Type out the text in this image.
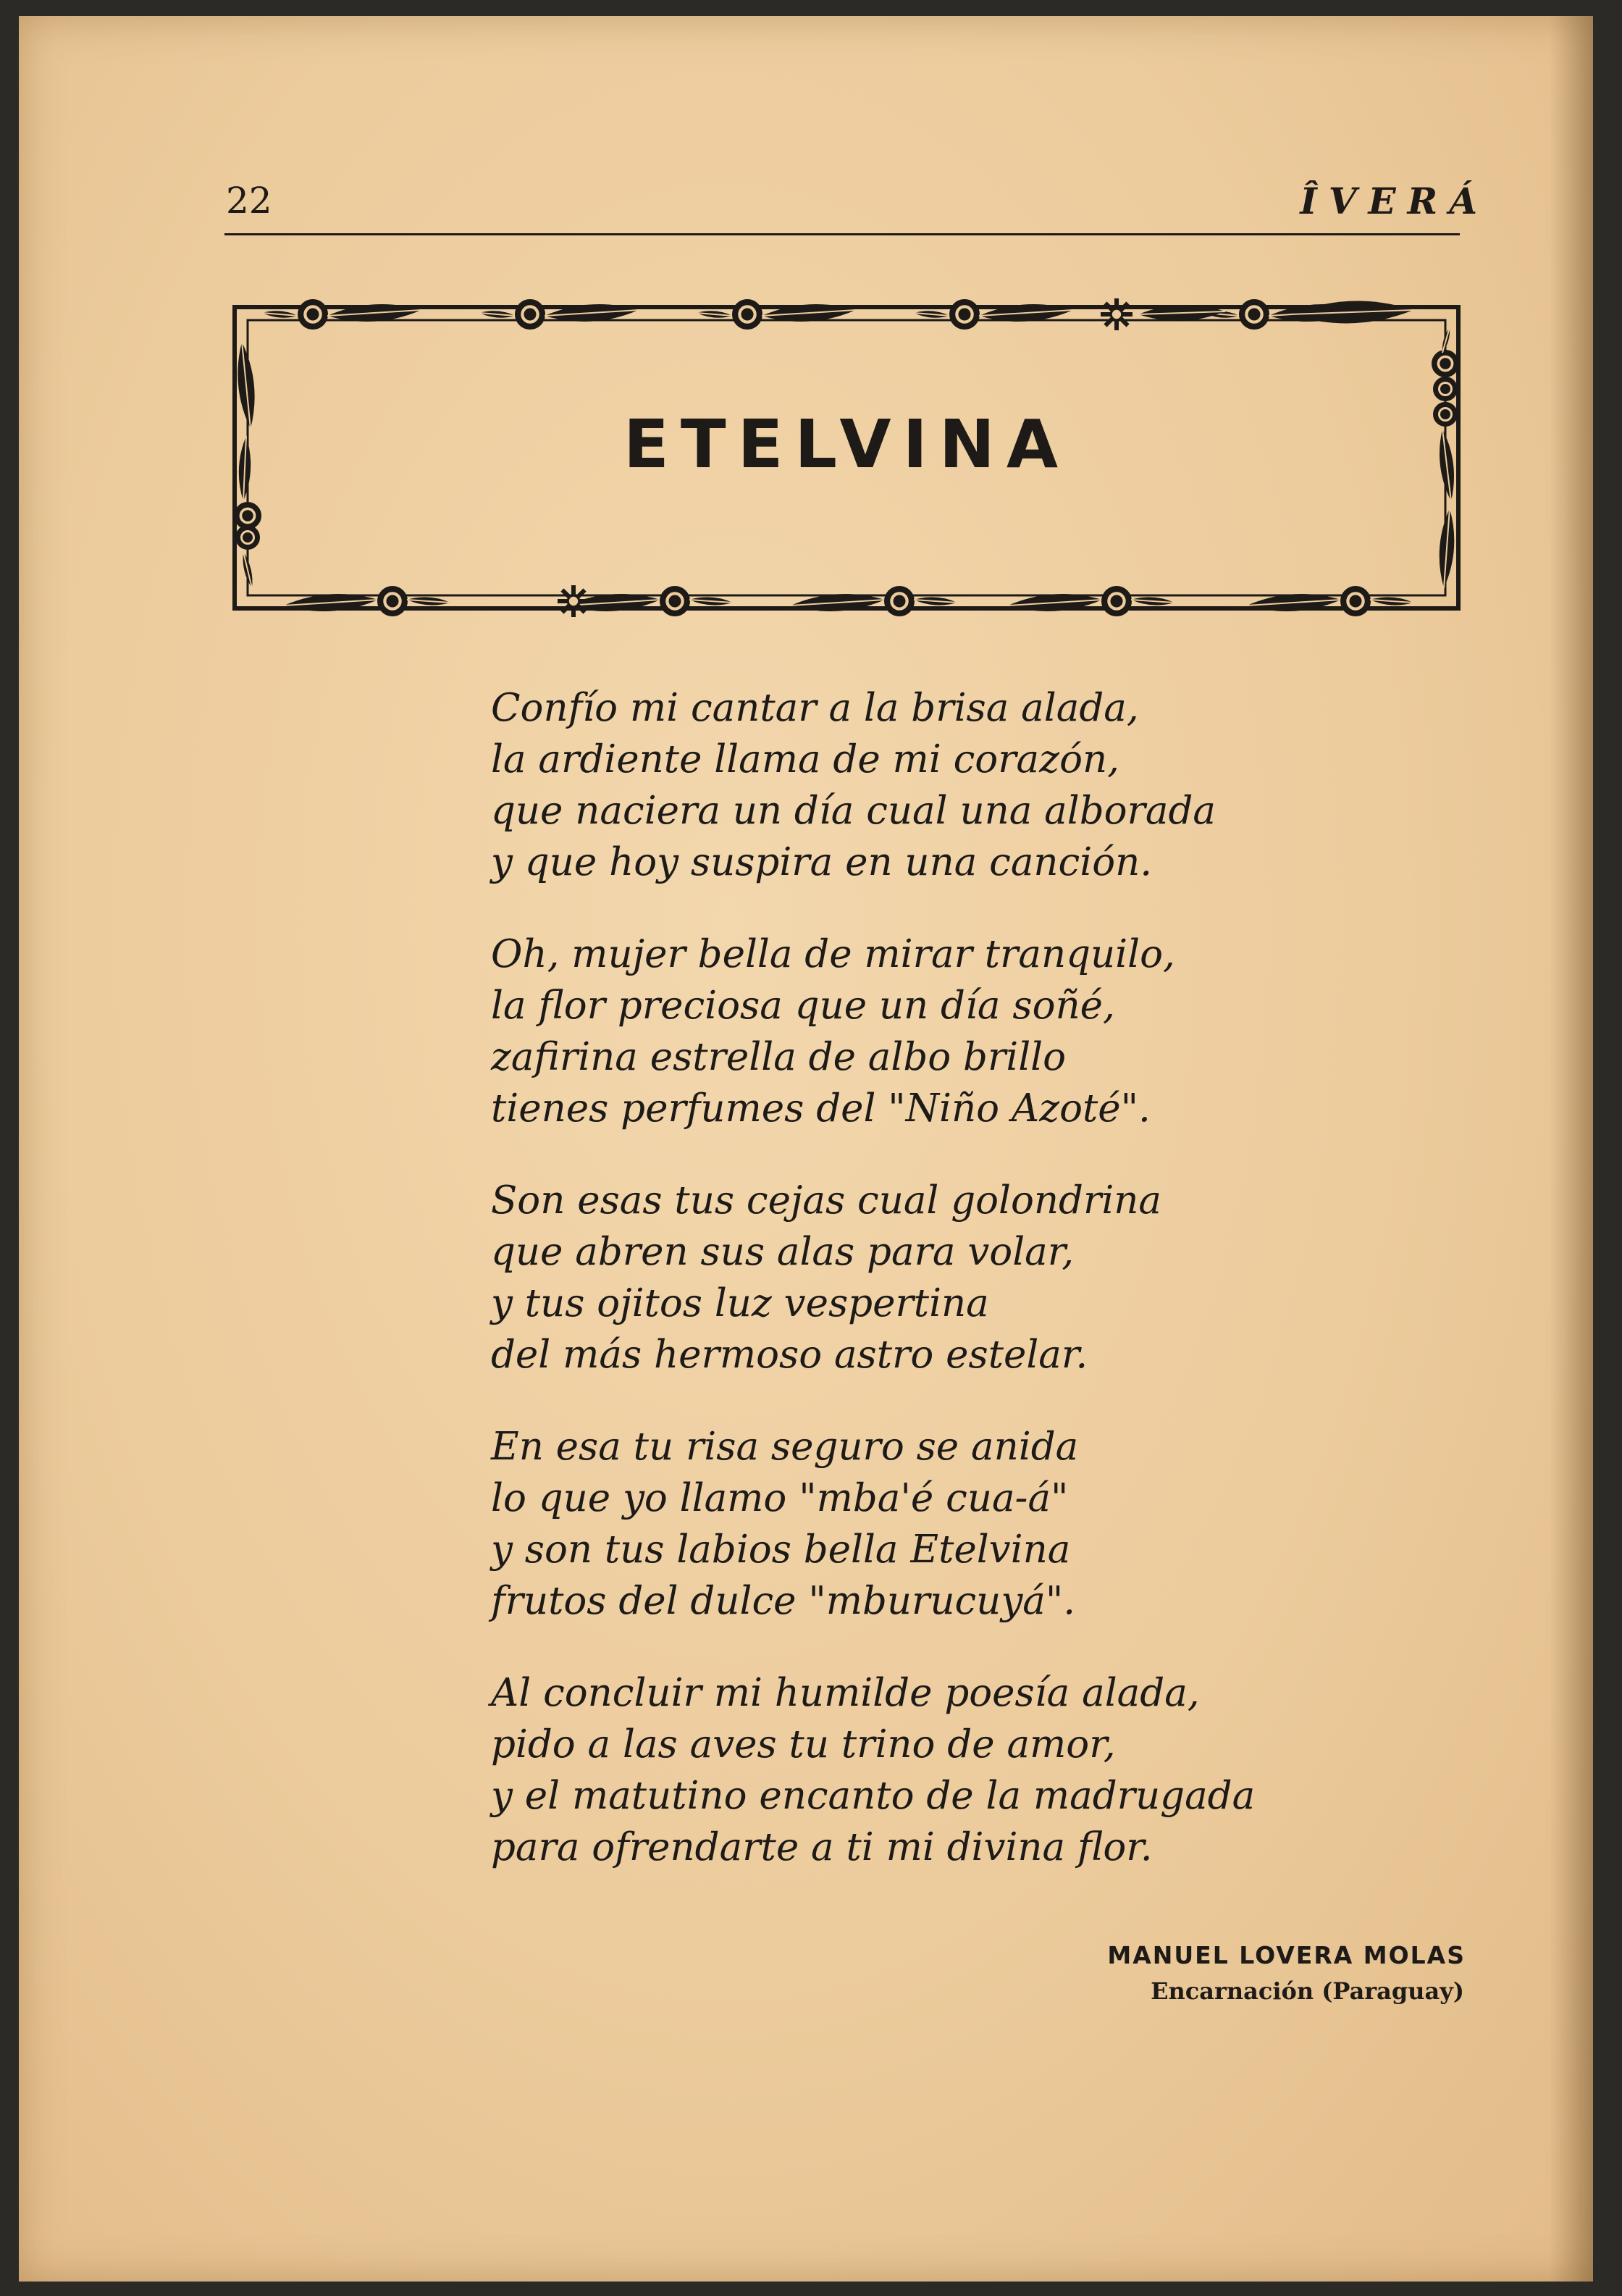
22	ÎVERÁ
ETELVINA
Confío mi cantar a la brisa alada,
la ardiente llama de mi corazón,
que naciera un día cual una alborada
y que hoy suspira en una canción.
Oh, mujer bella de mirar tranquilo,
la flor preciosa que un día soñé,
zafirina estrella de albo brillo
tienes perfumes del "Niño Azoté".
Son esas tus cejas cual golondrina
que abren sus alas para volar,
y tus ojitos luz vespertina
del más hermoso astro estelar.
En esa tu risa seguro se anida
lo que yo llamo "mba'é cua-á"
y son tus labios bella Etelvina
frutos del dulce "mburucuyá".
Al concluir mi humilde poesía alada,
pido a las aves tu trino de amor,
y el matutino encanto de la madrugada
para ofrendarte a ti mi divina flor.
MANUEL LOVERA MOLAS
Encarnación (Paraguay)
